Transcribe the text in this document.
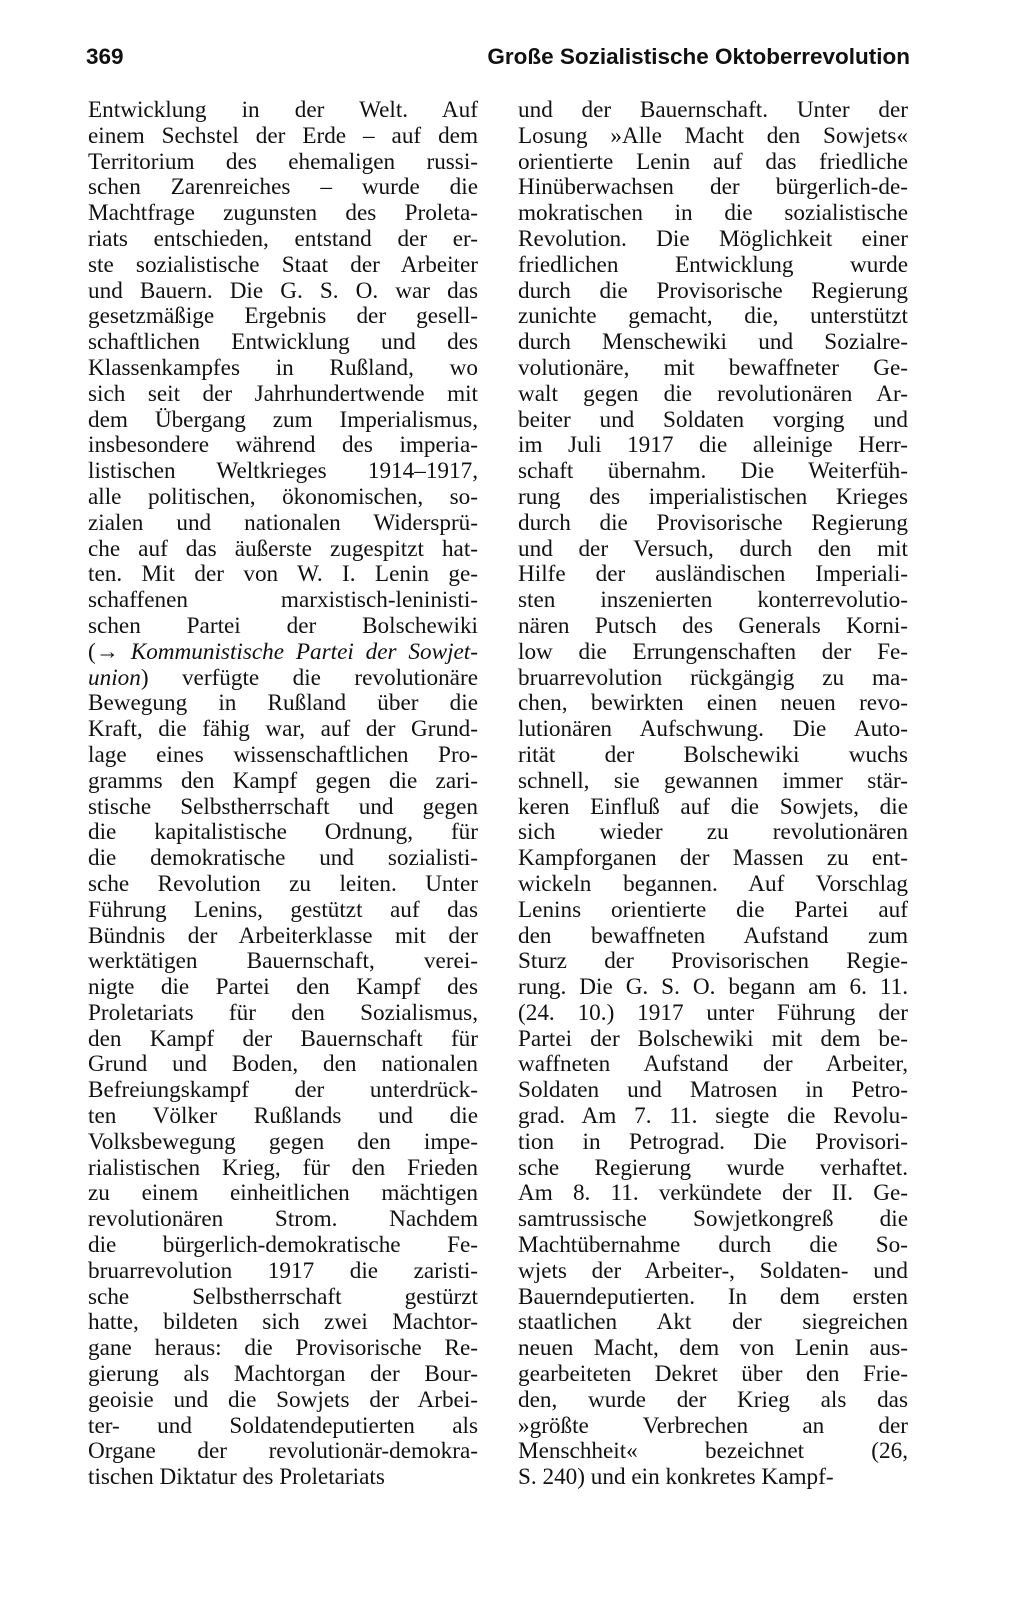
369	Große Sozialistische Oktoberrevolution
Entwicklung in der Welt. Auf
einem Sechstel der Erde – auf dem
Territorium des ehemaligen russi-
schen Zarenreiches – wurde die
Machtfrage zugunsten des Proleta-
riats entschieden, entstand der er-
ste sozialistische Staat der Arbeiter
und Bauern. Die G. S. O. war das
gesetzmäßige Ergebnis der gesell-
schaftlichen Entwicklung und des
Klassenkampfes in Rußland, wo
sich seit der Jahrhundertwende mit
dem Übergang zum Imperialismus,
insbesondere während des imperia-
listischen Weltkrieges 1914–1917,
alle politischen, ökonomischen, so-
zialen und nationalen Widersprü-
che auf das äußerste zugespitzt hat-
ten. Mit der von W. I. Lenin ge-
schaffenen marxistisch-leninisti-
schen Partei der Bolschewiki
(→ Kommunistische Partei der Sowjet-
union) verfügte die revolutionäre
Bewegung in Rußland über die
Kraft, die fähig war, auf der Grund-
lage eines wissenschaftlichen Pro-
gramms den Kampf gegen die zari-
stische Selbstherrschaft und gegen
die kapitalistische Ordnung, für
die demokratische und sozialisti-
sche Revolution zu leiten. Unter
Führung Lenins, gestützt auf das
Bündnis der Arbeiterklasse mit der
werktätigen Bauernschaft, verei-
nigte die Partei den Kampf des
Proletariats für den Sozialismus,
den Kampf der Bauernschaft für
Grund und Boden, den nationalen
Befreiungskampf der unterdrück-
ten Völker Rußlands und die
Volksbewegung gegen den impe-
rialistischen Krieg, für den Frieden
zu einem einheitlichen mächtigen
revolutionären Strom. Nachdem
die bürgerlich-demokratische Fe-
bruarrevolution 1917 die zaristi-
sche Selbstherrschaft gestürzt
hatte, bildeten sich zwei Machtor-
gane heraus: die Provisorische Re-
gierung als Machtorgan der Bour-
geoisie und die Sowjets der Arbei-
ter- und Soldatendeputierten als
Organe der revolutionär-demokra-
tischen Diktatur des Proletariats
und der Bauernschaft. Unter der
Losung »Alle Macht den Sowjets«
orientierte Lenin auf das friedliche
Hinüberwachsen der bürgerlich-de-
mokratischen in die sozialistische
Revolution. Die Möglichkeit einer
friedlichen Entwicklung wurde
durch die Provisorische Regierung
zunichte gemacht, die, unterstützt
durch Menschewiki und Sozialre-
volutionäre, mit bewaffneter Ge-
walt gegen die revolutionären Ar-
beiter und Soldaten vorging und
im Juli 1917 die alleinige Herr-
schaft übernahm. Die Weiterfüh-
rung des imperialistischen Krieges
durch die Provisorische Regierung
und der Versuch, durch den mit
Hilfe der ausländischen Imperiali-
sten inszenierten konterrevolutio-
nären Putsch des Generals Korni-
low die Errungenschaften der Fe-
bruarrevolution rückgängig zu ma-
chen, bewirkten einen neuen revo-
lutionären Aufschwung. Die Auto-
rität der Bolschewiki wuchs
schnell, sie gewannen immer stär-
keren Einfluß auf die Sowjets, die
sich wieder zu revolutionären
Kampforganen der Massen zu ent-
wickeln begannen. Auf Vorschlag
Lenins orientierte die Partei auf
den bewaffneten Aufstand zum
Sturz der Provisorischen Regie-
rung. Die G. S. O. begann am 6. 11.
(24. 10.) 1917 unter Führung der
Partei der Bolschewiki mit dem be-
waffneten Aufstand der Arbeiter,
Soldaten und Matrosen in Petro-
grad. Am 7. 11. siegte die Revolu-
tion in Petrograd. Die Provisori-
sche Regierung wurde verhaftet.
Am 8. 11. verkündete der II. Ge-
samtrussische Sowjetkongreß die
Machtübernahme durch die So-
wjets der Arbeiter-, Soldaten- und
Bauerndeputierten. In dem ersten
staatlichen Akt der siegreichen
neuen Macht, dem von Lenin aus-
gearbeiteten Dekret über den Frie-
den, wurde der Krieg als das
»größte Verbrechen an der
Menschheit« bezeichnet (26,
S. 240) und ein konkretes Kampf-
